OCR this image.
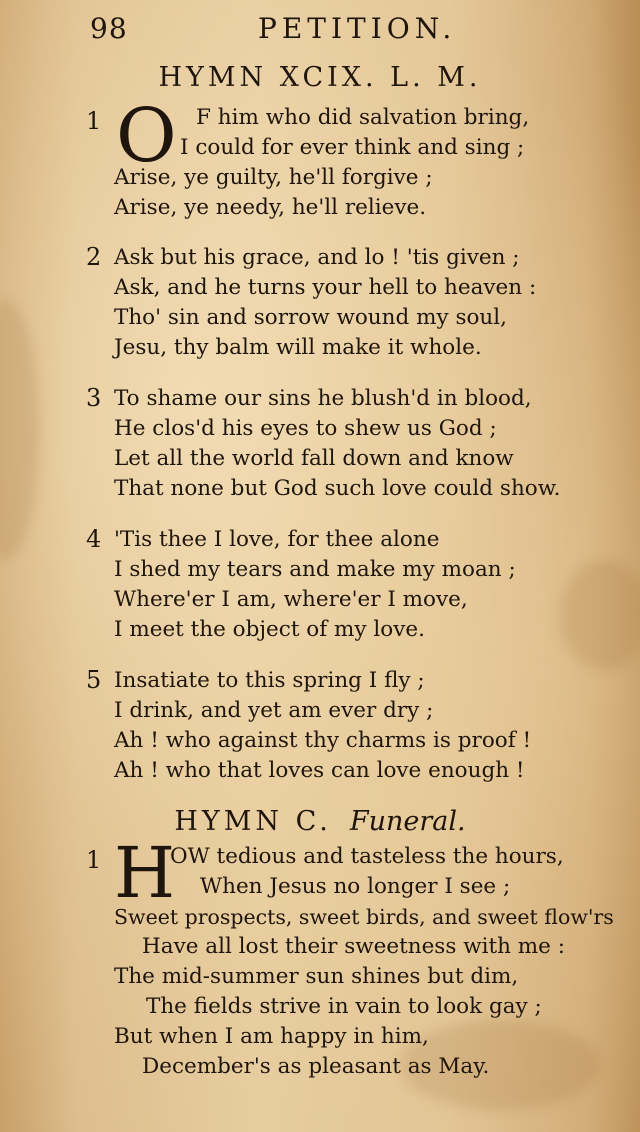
98	PETITION.
HYMN XCIX. L. M.
1 O F him who did salvation bring,
I could for ever think and sing ;
Arise, ye guilty, he'll forgive ;
Arise, ye needy, he'll relieve.
2 Ask but his grace, and lo ! 'tis given ;
Ask, and he turns your hell to heaven :
Tho' sin and sorrow wound my soul,
Jesu, thy balm will make it whole.
3 To shame our sins he blush'd in blood,
He clos'd his eyes to shew us God ;
Let all the world fall down and know
That none but God such love could show.
4 'Tis thee I love, for thee alone
I shed my tears and make my moan ;
Where'er I am, where'er I move,
I meet the object of my love.
5 Insatiate to this spring I fly ;
I drink, and yet am ever dry ;
Ah ! who against thy charms is proof !
Ah ! who that loves can love enough !
HYMN C. Funeral.
1 H
OW tedious and tasteless the hours,
When Jesus no longer I see ;
Sweet prospects, sweet birds, and sweet flow'rs
Have all lost their sweetness with me :
The mid-summer sun shines but dim,
The fields strive in vain to look gay ;
But when I am happy in him,
December's as pleasant as May.
